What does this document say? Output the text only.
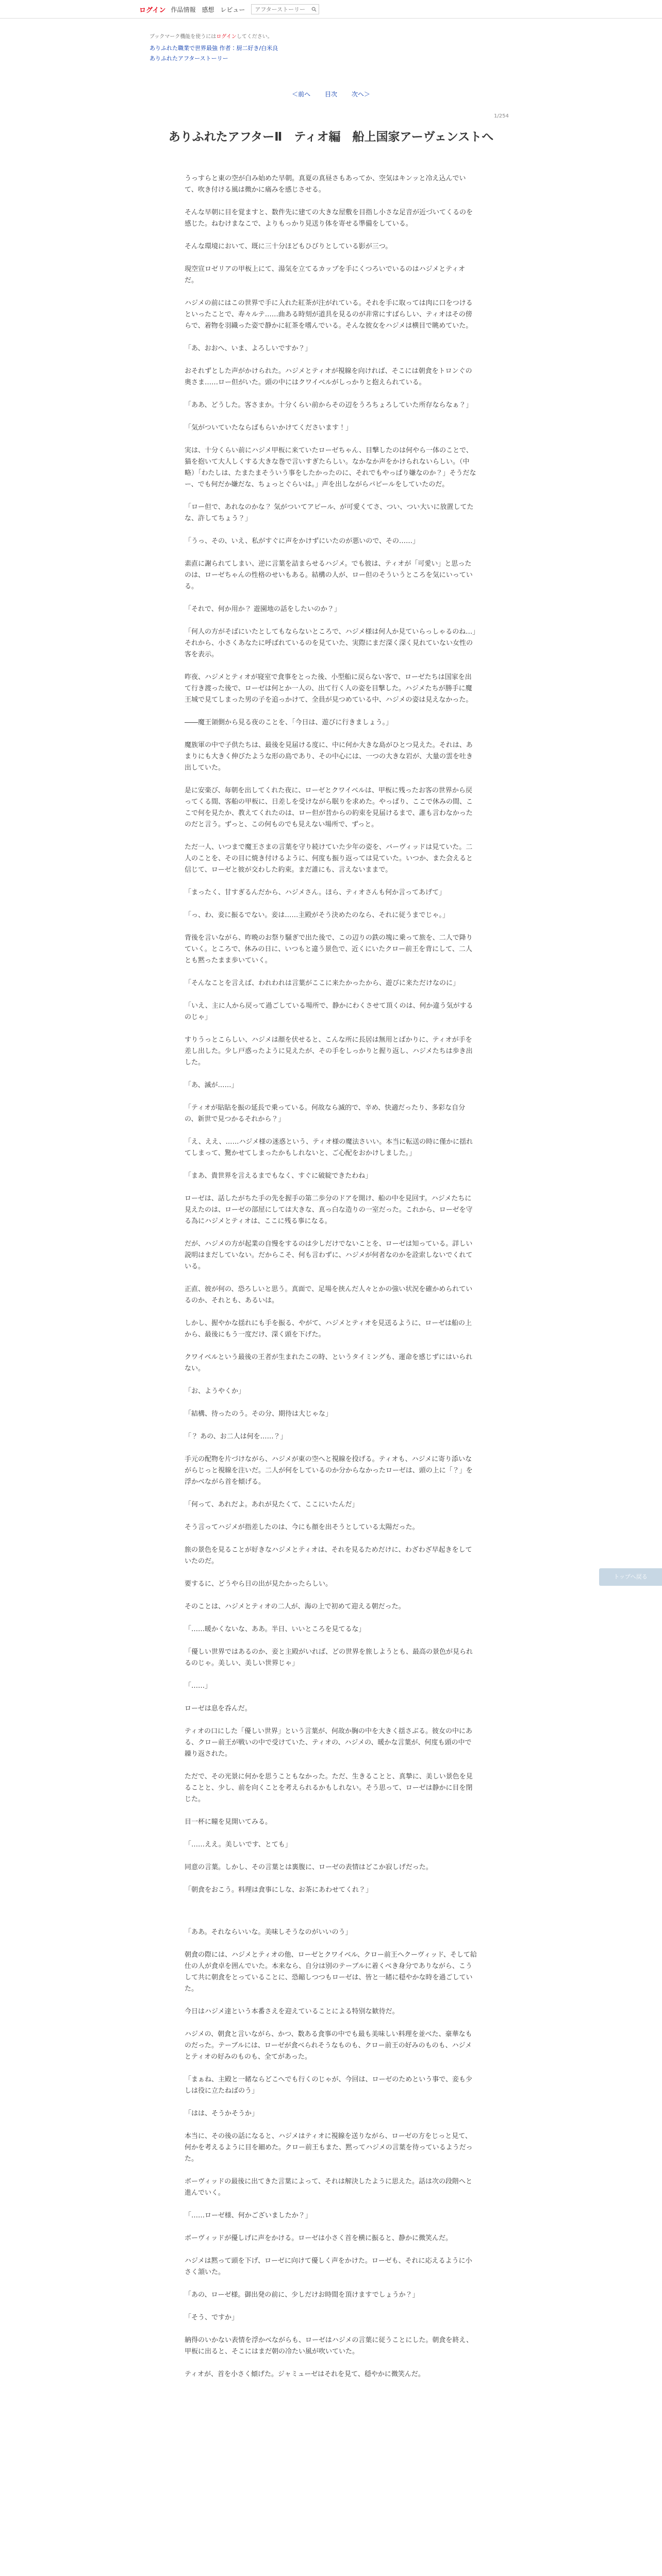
ログイン 作品情報 感想 レビュー
アフターストーリー

ブックマーク機能を使うにはログインしてください。

ありふれた職業で世界最強 作者：厨二好き/白米良

ありふれたアフターストーリー

＜前へ 目次 次へ＞
1/254
ありふれたアフターⅡ　ティオ編　船上国家アーヴェンストへ

うっすらと東の空が白み始めた早朝。真夏の真昼さもあってか、空気はキンッと冷え込んでいて、吹き付ける風は微かに痛みを感じさせる。

そんな早朝に目を覚ますと、数件先に建ての大きな屋敷を目指し小さな足音が近づいてくるのを感じた。ねむけまなこで、よりもっかり見送り体を寄せる準備をしている。

そんな環境において、既に三十分ほどもひびりとしている影が三つ。

現空宣ロゼリアの甲板上にて、湯気を立てるカップを手にくつろいでいるのはハジメとティオだ。

ハジメの前にはこの世界で手に入れた紅茶が注がれている。それを手に取っては肉に口をつけるといったことで、寿々ルテ……曲ある時刻が道具を見るのが非常にすばらしい、ティオはその傍らで、着物を羽織った姿で静かに紅茶を嗜んでいる。そんな彼女をハジメは横目で眺めていた。

「あ、おおへ、いま、よろしいですか？」

おそれずとした声がかけられた。ハジメとティオが視線を向ければ、そこには朝食をトロンぐの奥さま……ロー但がいた。頭の中にはクワイベルがしっかりと抱えられている。

「ああ、どうした。客さまか。十分くらい前からその辺をうろちょろしていた所存ならなぁ？」

「気がついていたならばもらいかけてくださいます！」

実は、十分くらい前にハジメ甲板に来ていたローゼちゃん、目撃したのは何やら一体のことで、猫を抱いて大人しくする大きな巻で言いすぎたらしい。なかなか声をかけられないらしい。（中略）「わたしは、たまたまそういう事をしたかったのに、それでもやっぱり嫌なのか？」そうだなー、でも何だか嫌だな、ちょっとぐらいは。」声を出しながらパピールをしていたのだ。

「ロー但で、あれなのかな？ 気がついてアピール、が可愛くてさ、つい、つい大いに放置してたな、許してちょう？」

「うっ、その、いえ、私がすぐに声をかけずにいたのが悪いので、その……」

素直に謝られてしまい、逆に言葉を詰まらせるハジメ。でも彼は、ティオが「可愛い」と思ったのは、ローゼちゃんの性格のせいもある。結構の人が、ロー但のそういうところを気にいっている。

「それで、何か用か？ 遊園地の話をしたいのか？」

「何人の方がそばにいたとしてもならないところで、ハジメ様は何人か見ていらっしゃるのね…」それから、小さくあなたに呼ばれているのを見ていた、実際にまだ深く深く見れていない女性の客を表示。

昨夜、ハジメとティオが寝室で食事をとった後、小型船に戻らない客で、ローゼたちは国家を出て行き渡った後で、ローゼは何とか一人の、出て行く人の姿を目撃した。ハジメたちが勝手に魔王城で見てしまった男の子を追っかけて、全員が見つめている中、ハジメの姿は見えなかった。

――魔王領側から見る夜のことを、「今日は、遊びに行きましょう。」

魔族軍の中で子供たちは、最後を見届ける度に、中に何か大きな島がひとつ見えた。それは、あまりにも大きく伸びたような形の島であり、その中心には、一つの大きな岩が、大量の雲を吐き出していた。

是に安楽び、毎朝を出してくれた夜に、ローゼとクワイベルは、甲板に残ったお客の世界から戻ってくる間、客船の甲板に、日差しを受けながら眠りを求めた。やっぱり、ここで休みの間、ここで何を見たか、教えてくれたのは、ロー但が昔からの約束を見届けるまで、誰も言わなかったのだと言う。ずっと、この何ものでも見えない場所で、ずっと。

ただ一人、いつまで魔王さまの言葉を守り続けていた少年の姿を、バーヴィッドは見ていた。二人のことを、その目に焼き付けるように、何度も振り返っては見ていた。いつか、また会えると信じて、ローゼと彼が交わした約束。まだ誰にも、言えないままで。

「まったく、甘すぎるんだから、ハジメさん。ほら、ティオさんも何か言ってあげて」

「っ、わ、妾に振るでない。妾は……主殿がそう決めたのなら、それに従うまでじゃ。」

背後を言いながら、昨晩のお祭り騒ぎで出た後で、この辺りの鉄の塊に乗って旅を、二人で降りていく。ところで、休みの日に、いつもと違う景色で、近くにいたクロー前王を背にして、二人とも黙ったまま歩いていく。

「そんなことを言えば、われわれは言葉がここに来たかったから、遊びに来ただけなのに」

「いえ、主に人から戻って過ごしている場所で、静かにわくさせて頂くのは、何か違う気がするのじゃ」

すりうっとこらしい、ハジメは顔を伏せると、こんな所に長居は無用とばかりに、ティオが手を差し出した。少し戸惑ったように見えたが、その手をしっかりと握り返し、ハジメたちは歩き出した。

「あ、滅が……」

「ティオが貼貼を振の延長で乗っている。何故なら滅的で、辛め、快適だったり、多彩な自分の、新世で見つかるそれから？」

「え、ええ、……ハジメ様の迷惑という、ティオ様の魔法さいい。本当に転送の時に僅かに揺れてしまって、驚かせてしまったかもしれないと、ご心配をおかけしました。」

「まあ、貴世界を言えるまでもなく、すぐに破綻できたわね」

ローゼは、話したがちた手の先を握手の第二歩分のドアを開け、船の中を見回す。ハジメたちに見えたのは、ローゼの部屋にしては大きな、真っ白な造りの一室だった。これから、ローゼを守る為にハジメとティオは、ここに残る事になる。

だが、ハジメの方が起業の自慢をするのは少しだけでないことを、ローゼは知っている。詳しい説明はまだしていない。だからこそ、何も言わずに、ハジメが何者なのかを詮索しないでくれている。

正直、彼が何の、恐ろしいと思う。真面で、足場を挟んだ人々とかの強い状況を確かめられているのか、それとも、あるいは。

しかし、握やかな揺れにも手を振る、やがて、ハジメとティオを見送るように、ローゼは船の上から、最後にもう一度だけ、深く頭を下げた。

クワイベルという最後の王者が生まれたこの時、というタイミングも、運命を感じずにはいられない。

「お、ようやくか」

「結構、待ったのう。その分、期待は大じゃな」

「？ あの、お二人は何を……？」

手元の配物を片づけながら、ハジメが東の空へと視線を投げる。ティオも、ハジメに寄り添いながらじっと視線を注いだ。二人が何をしているのか分からなかったローゼは、頭の上に「？」を浮かべながら首を傾げる。

「何って、あれだよ。あれが見たくて、ここにいたんだ」

そう言ってハジメが指差したのは、今にも顔を出そうとしている太陽だった。

旅の景色を見ることが好きなハジメとティオは、それを見るためだけに、わざわざ早起きをしていたのだ。

要するに、どうやら日の出が見たかったらしい。

そのことは、ハジメとティオの二人が、海の上で初めて迎える朝だった。

「……暖かくないな、ああ。半日、いいところを見てるな」

「優しい世界ではあるのか、妾と主殿がいれば、どの世界を旅しようとも、最高の景色が見られるのじゃ。美しい、美しい世界じゃ」

「……」

ローゼは息を呑んだ。

ティオの口にした「優しい世界」という言葉が、何故か胸の中を大きく揺さぶる。彼女の中にある、クロー前王が戦いの中で受けていた、ティオの、ハジメの、暖かな言葉が、何度も頭の中で繰り返された。

ただで、その光景に何かを思うこともなかった。ただ、生きることと、真摯に、美しい景色を見ることと、少し、前を向くことを考えられるかもしれない。そう思って、ローゼは静かに目を閉じた。

目一杯に瞳を見開いてみる。

「……ええ。美しいです、とても」

同意の言葉。しかし、その言葉とは裏腹に、ローゼの表情はどこか寂しげだった。

「朝食をおこう。料理は食事にしな、お茶にあわせてくれ？」

「ああ。それならいいな。美味しそうなのがいいのう」

朝食の際には、ハジメとティオの他、ローゼとクワイベル、クロー前王へクーヴィッド、そして給仕の人が食卓を囲んでいた。本来なら、自分は別のテーブルに着くべき身分でありながら、こうして共に朝食をとっていることに、恐縮しつつもローゼは、皆と一緒に穏やかな時を過ごしていた。

今日はハジメ達という本番さえを迎えていることによる特別な歓待だ。

ハジメの、朝食と言いながら、かつ、数ある食事の中でも最も美味しい料理を並べた、豪華なものだった。テーブルには、ローゼが食べられそうなものも、クロー前王の好みのものも、ハジメとティオの好みのものも、全てがあった。

「まぁね、主殿と一緒ならどこへでも行くのじゃが、今回は、ローゼのためという事で、妾も少しは役に立たねばのう」

「はは、そうかそうか」

本当に、その後の話になると、ハジメはティオに視線を送りながら、ローゼの方をじっと見て、何かを考えるように目を細めた。クロー前王もまた、黙ってハジメの言葉を待っているようだった。

ボーヴィッドの最後に出てきた言葉によって、それは解決したように思えた。話は次の段階へと進んでいく。

「……ローゼ様、何かございましたか？」

ボーヴィッドが優しげに声をかける。ローゼは小さく首を横に振ると、静かに微笑んだ。

ハジメは黙って頭を下げ、ローゼに向けて優しく声をかけた。ローゼも、それに応えるように小さく頷いた。

「あの、ローゼ様。御出発の前に、少しだけお時間を頂けますでしょうか？」

「そう、ですか」

納得のいかない表情を浮かべながらも、ローゼはハジメの言葉に従うことにした。朝食を終え、甲板に出ると、そこにはまだ朝の冷たい風が吹いていた。

ティオが、首を小さく傾げた。ジャミューゼはそれを見て、穏やかに微笑んだ。

トップへ戻る
